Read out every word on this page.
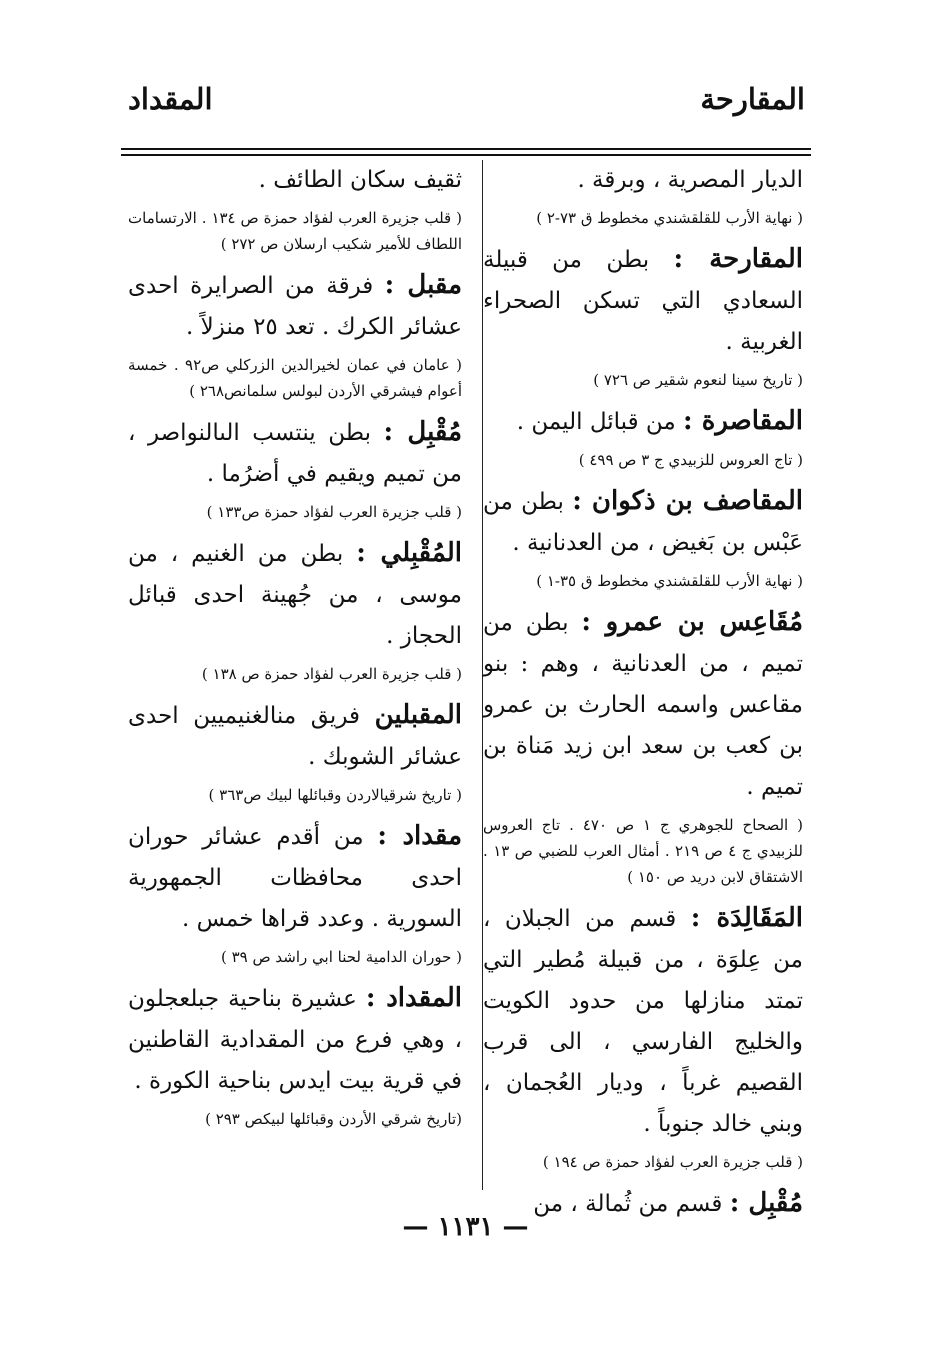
المقارحة
المقداد
الديار المصرية ، وبرقة .
( نهاية الأرب للقلقشندي مخطوط ق ٧٣-٢ )
المقارحة : بطن من قبيلة السعادي التي تسكن الصحراء الغربية .
( تاريخ سينا لنعوم شقير ص ٧٢٦ )
المقاصرة : من قبائل اليمن .
( تاج العروس للزبيدي ج ٣ ص ٤٩٩ )
المقاصف بن ذكوان : بطن من عَبْس بن بَغيض ، من العدنانية .
( نهاية الأرب للقلقشندي مخطوط ق ٣٥-١ )
مُقَاعِس بن عمرو : بطن من تميم ، من العدنانية ، وهم : بنو مقاعس واسمه الحارث بن عمرو بن كعب بن سعد ابن زيد مَناة بن تميم .
( الصحاح للجوهري ج ١ ص ٤٧٠ . تاج العروس للزبيدي ج ٤ ص ٢١٩ . أمثال العرب للضبي ص ١٣ . الاشتقاق لابن دريد ص ١٥٠ )
المَقَالِدَة : قسم من الجبلان ، من عِلوَة ، من قبيلة مُطير التي تمتد منازلها من حدود الكويت والخليج الفارسي ، الى قرب القصيم غرباً ، وديار العُجمان ، وبني خالد جنوباً .
( قلب جزيرة العرب لفؤاد حمزة ص ١٩٤ )
مُقْبِل : قسم من ثُمالة ، من
ثقيف سكان الطائف .
( قلب جزيرة العرب لفؤاد حمزة ص ١٣٤ . الارتسامات اللطاف للأمير شكيب ارسلان ص ٢٧٢ )
مقبل : فرقة من الصرايرة احدى عشائر الكرك . تعد ٢٥ منزلاً .
( عامان في عمان لخيرالدين الزركلي ص٩٢ . خمسة أعوام فيشرقي الأردن لبولس سلمانص٢٦٨ )
مُقْبِل : بطن ينتسب الىالنواصر ، من تميم ويقيم في أضرُما .
( قلب جزيرة العرب لفؤاد حمزة ص١٣٣ )
المُقْبِلي : بطن من الغنيم ، من موسى ، من جُهينة احدى قبائل الحجاز .
( قلب جزيرة العرب لفؤاد حمزة ص ١٣٨ )
المقبلين فريق منالغنيميين احدى عشائر الشوبك .
( تاريخ شرقيالاردن وقبائلها لبيك ص٣٦٣ )
مقداد : من أقدم عشائر حوران احدى محافظات الجمهورية السورية . وعدد قراها خمس .
( حوران الدامية لحنا ابي راشد ص ٣٩ )
المقداد : عشيرة بناحية جبلعجلون ، وهي فرع من المقدادية القاطنين في قرية بيت ايدس بناحية الكورة .
(تاريخ شرقي الأردن وقبائلها لبيكص ٢٩٣ )
— ١١٣١ —
